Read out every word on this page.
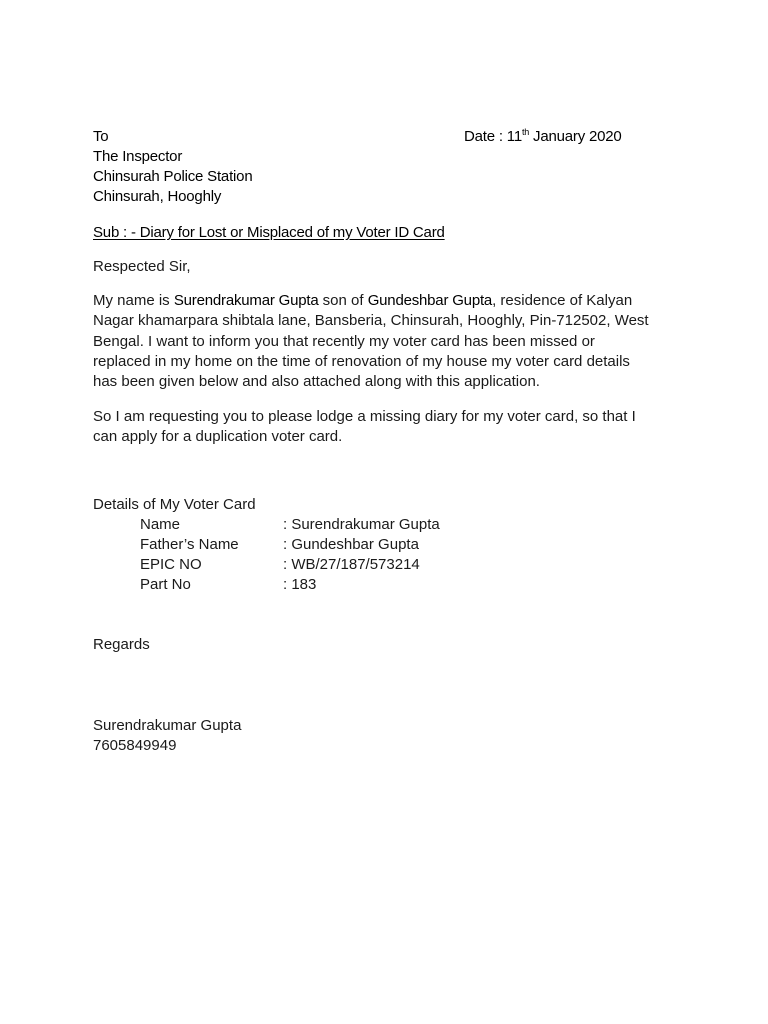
To
The Inspector
Chinsurah Police Station
Chinsurah, Hooghly
Date : 11th January 2020
Sub : - Diary for Lost or Misplaced of my Voter ID Card
Respected Sir,
My name is Surendrakumar Gupta son of Gundeshbar Gupta, residence of Kalyan
Nagar khamarpara shibtala lane, Bansberia, Chinsurah, Hooghly, Pin-712502, West
Bengal. I want to inform you that recently my voter card has been missed or
replaced in my home on the time of renovation of my house my voter card details
has been given below and also attached along with this application.
So I am requesting you to please lodge a missing diary for my voter card, so that I
can apply for a duplication voter card.
Details of My Voter Card
Name	: Surendrakumar Gupta
Father’s Name	: Gundeshbar Gupta
EPIC NO	: WB/27/187/573214
Part No	: 183
Regards
Surendrakumar Gupta
7605849949
